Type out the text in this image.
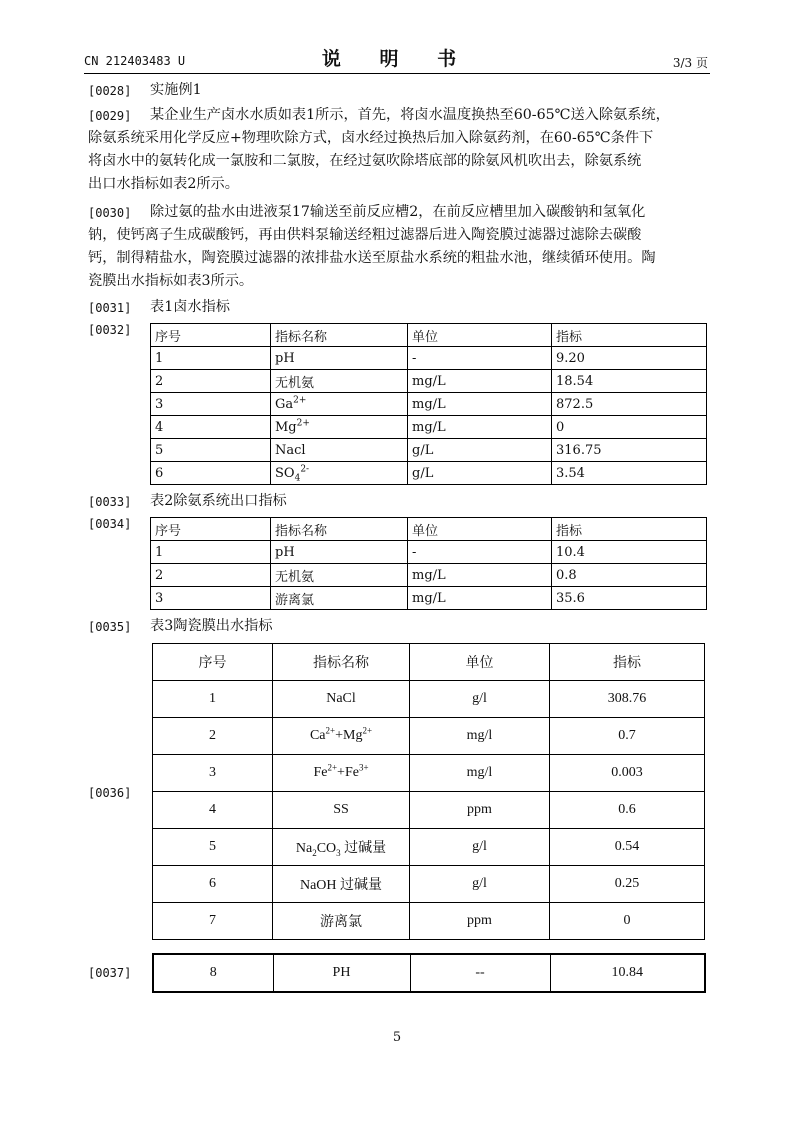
CN 212403483 U	说 明 书	3/3 页
[0028] 实施例1
[0029] 某企业生产卤水水质如表1所示，首先，将卤水温度换热至60-65℃送入除氨系统，
除氨系统采用化学反应+物理吹除方式，卤水经过换热后加入除氨药剂，在60-65℃条件下
将卤水中的氨转化成一氯胺和二氯胺，在经过氨吹除塔底部的除氨风机吹出去，除氨系统
出口水指标如表2所示。
[0030] 除过氨的盐水由进液泵17输送至前反应槽2，在前反应槽里加入碳酸钠和氢氧化
钠，使钙离子生成碳酸钙，再由供料泵输送经粗过滤器后进入陶瓷膜过滤器过滤除去碳酸
钙，制得精盐水，陶瓷膜过滤器的浓排盐水送至原盐水系统的粗盐水池，继续循环使用。陶
瓷膜出水指标如表3所示。
[0031] 表1卤水指标
[0032] 序号	指标名称	单位	指标
1	pH	-	9.20
2	无机氨	mg/L	18.54
3	$Ga^{2+}$	mg/L	872.5
4	$Mg^{2+}$	mg/L	0
5	Nacl	g/L	316.75
6	$SO_4^{2-}$	g/L	3.54
[0033] 表2除氨系统出口指标
[0034] 序号	指标名称	单位	指标
1	pH	-	10.4
2	无机氨	mg/L	0.8
3	游离氯	mg/L	35.6
[0035] 表3陶瓷膜出水指标
[0036]
序号	指标名称	单位	指标
1	NaCl	g/l	308.76
2	$Ca^{2+}+Mg^{2+}$	mg/l	0.7
3	$Fe^{2+}+Fe^{3+}$	mg/l	0.003
4	SS	ppm	0.6
5	$Na_2CO_3$ 过碱量	g/l	0.54
6	NaOH 过碱量	g/l	0.25
7	游离氯	ppm	0
[0037]	8	PH	--	10.84
5
